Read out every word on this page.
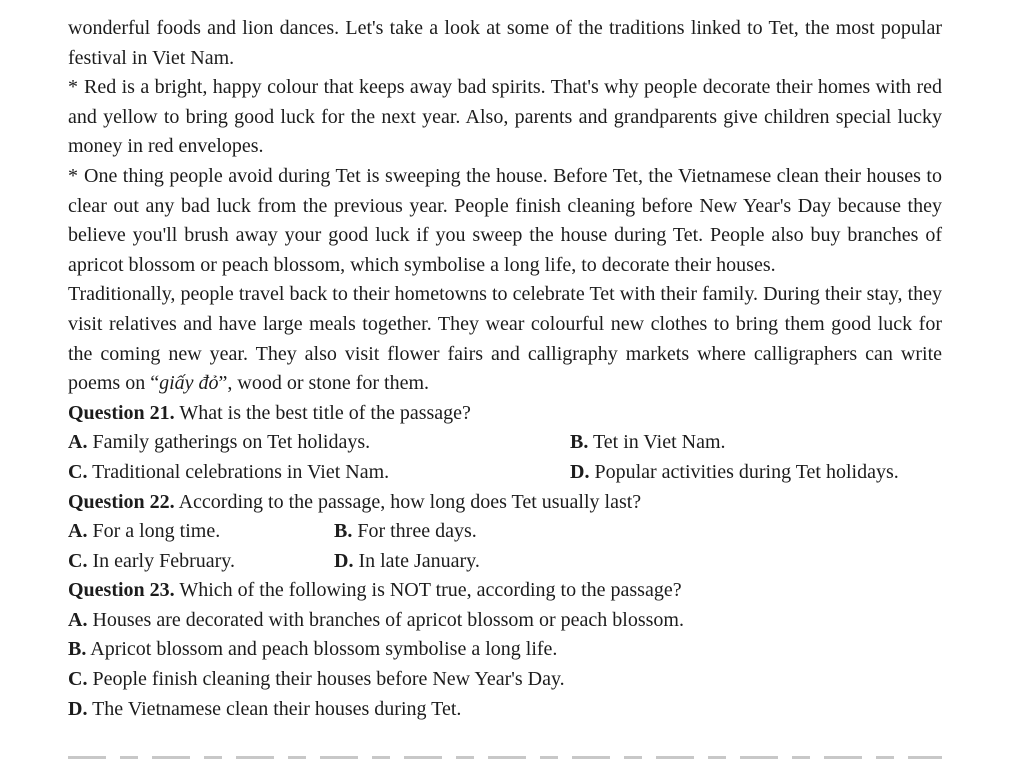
wonderful foods and lion dances. Let's take a look at some of the traditions linked to Tet, the most popular festival in Viet Nam.

* Red is a bright, happy colour that keeps away bad spirits. That's why people decorate their homes with red and yellow to bring good luck for the next year. Also, parents and grandparents give children special lucky money in red envelopes.

* One thing people avoid during Tet is sweeping the house. Before Tet, the Vietnamese clean their houses to clear out any bad luck from the previous year. People finish cleaning before New Year's Day because they believe you'll brush away your good luck if you sweep the house during Tet. People also buy branches of apricot blossom or peach blossom, which symbolise a long life, to decorate their houses.

Traditionally, people travel back to their hometowns to celebrate Tet with their family. During their stay, they visit relatives and have large meals together. They wear colourful new clothes to bring them good luck for the coming new year. They also visit flower fairs and calligraphy markets where calligraphers can write poems on “giấy đỏ”, wood or stone for them.

Question 21. What is the best title of the passage?

A. Family gatherings on Tet holidays.	B. Tet in Viet Nam.
C. Traditional celebrations in Viet Nam.	D. Popular activities during Tet holidays.

Question 22. According to the passage, how long does Tet usually last?

A. For a long time.	B. For three days.
C. In early February.	D. In late January.

Question 23. Which of the following is NOT true, according to the passage?

A. Houses are decorated with branches of apricot blossom or peach blossom.
B. Apricot blossom and peach blossom symbolise a long life.
C. People finish cleaning their houses before New Year's Day.
D. The Vietnamese clean their houses during Tet.
